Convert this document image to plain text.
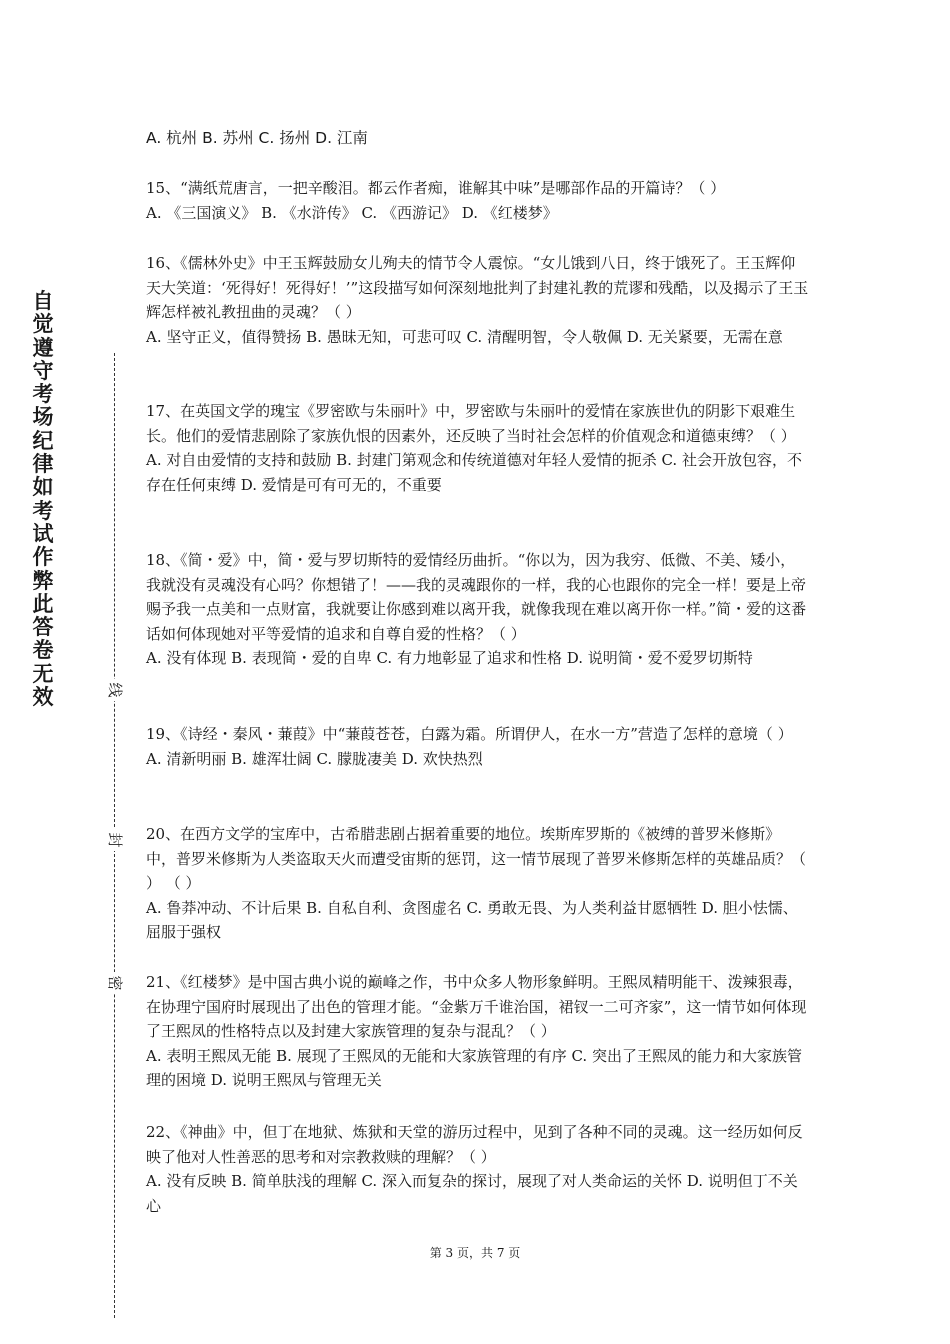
自觉遵守考场纪律如考试作弊此答卷无效	线
封
密
A. 杭州 B. 苏州 C. 扬州 D. 江南

15、“满纸荒唐言，一把辛酸泪。都云作者痴，谁解其中味”是哪部作品的开篇诗？（ ）

A. 《三国演义》 B. 《水浒传》 C. 《西游记》 D. 《红楼梦》

16、《儒林外史》中王玉辉鼓励女儿殉夫的情节令人震惊。“女儿饿到八日，终于饿死了。王玉辉仰天大笑道：‘死得好！死得好！’”这段描写如何深刻地批判了封建礼教的荒谬和残酷，以及揭示了王玉辉怎样被礼教扭曲的灵魂？（ ）

A. 坚守正义，值得赞扬 B. 愚昧无知，可悲可叹 C. 清醒明智，令人敬佩 D. 无关紧要，无需在意

17、在英国文学的瑰宝《罗密欧与朱丽叶》中，罗密欧与朱丽叶的爱情在家族世仇的阴影下艰难生长。他们的爱情悲剧除了家族仇恨的因素外，还反映了当时社会怎样的价值观念和道德束缚？（ ）

A. 对自由爱情的支持和鼓励 B. 封建门第观念和传统道德对年轻人爱情的扼杀 C. 社会开放包容，不存在任何束缚 D. 爱情是可有可无的，不重要

18、《简・爱》中，简・爱与罗切斯特的爱情经历曲折。“你以为，因为我穷、低微、不美、矮小，我就没有灵魂没有心吗？你想错了！——我的灵魂跟你的一样，我的心也跟你的完全一样！要是上帝赐予我一点美和一点财富，我就要让你感到难以离开我，就像我现在难以离开你一样。”简・爱的这番话如何体现她对平等爱情的追求和自尊自爱的性格？（ ）

A. 没有体现 B. 表现简・爱的自卑 C. 有力地彰显了追求和性格 D. 说明简・爱不爱罗切斯特

19、《诗经・秦风・蒹葭》中“蒹葭苍苍，白露为霜。所谓伊人，在水一方”营造了怎样的意境（ ）

A. 清新明丽 B. 雄浑壮阔 C. 朦胧凄美 D. 欢快热烈

20、在西方文学的宝库中，古希腊悲剧占据着重要的地位。埃斯库罗斯的《被缚的普罗米修斯》中，普罗米修斯为人类盗取天火而遭受宙斯的惩罚，这一情节展现了普罗米修斯怎样的英雄品质？（ ） （ ）

A. 鲁莽冲动、不计后果 B. 自私自利、贪图虚名 C. 勇敢无畏、为人类利益甘愿牺牲 D. 胆小怯懦、屈服于强权

21、《红楼梦》是中国古典小说的巅峰之作，书中众多人物形象鲜明。王熙凤精明能干、泼辣狠毒，在协理宁国府时展现出了出色的管理才能。“金紫万千谁治国，裙钗一二可齐家”，这一情节如何体现了王熙凤的性格特点以及封建大家族管理的复杂与混乱？（ ）

A. 表明王熙凤无能 B. 展现了王熙凤的无能和大家族管理的有序 C. 突出了王熙凤的能力和大家族管理的困境 D. 说明王熙凤与管理无关

22、《神曲》中，但丁在地狱、炼狱和天堂的游历过程中，见到了各种不同的灵魂。这一经历如何反映了他对人性善恶的思考和对宗教救赎的理解？（ ）

A. 没有反映 B. 简单肤浅的理解 C. 深入而复杂的探讨，展现了对人类命运的关怀 D. 说明但丁不关心

第 3 页，共 7 页
